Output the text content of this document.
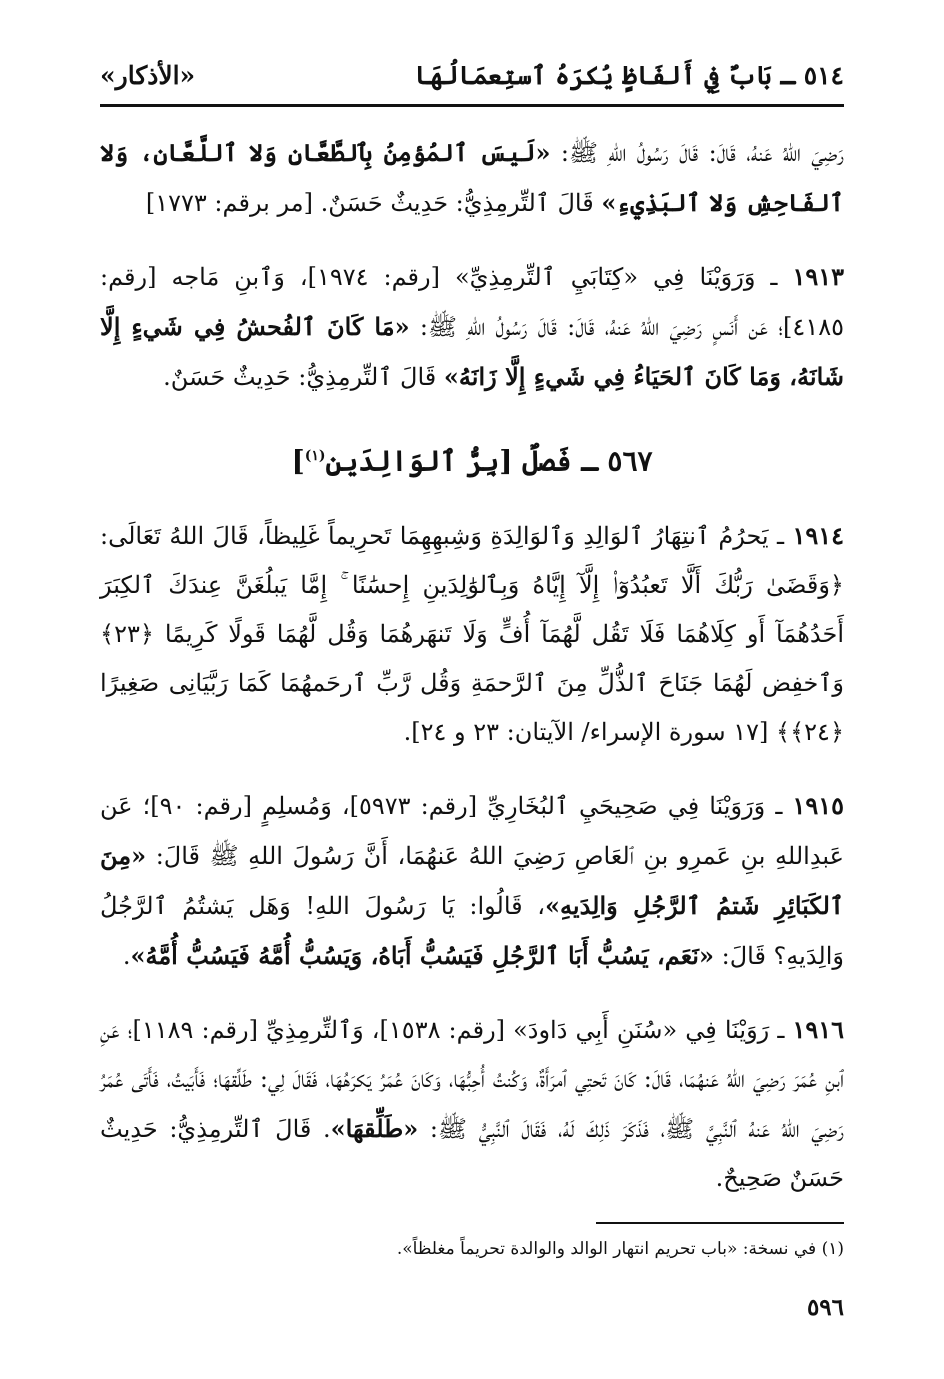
٥١٤ ـ بَابٌ فِي أَلفَاظٍ يُكرَهُ ٱستِعمَالُهَا
«الأذكار»

رَضِيَ اللهُ عَنهُ، قَالَ: قَالَ رَسُولُ اللهِ ﷺ: «لَيسَ ٱلمُؤمِنُ بِٱلطَّعَّانِ وَلا ٱللَّعَّانِ، وَلا ٱلفَاحِشِ وَلا ٱلبَذِيءِ» قَالَ ٱلتِّرمِذِيُّ: حَدِيثٌ حَسَنٌ. [مر برقم: ١٧٧٣]

١٩١٣ ـ وَرَوَيْنَا فِي «كِتَابَيِ ٱلتِّرمِذِيِّ» [رقم: ١٩٧٤]، وَٱبنِ مَاجه [رقم: ٤١٨٥]؛ عَن أَنَسٍ رَضِيَ اللهُ عَنهُ، قَالَ: قَالَ رَسُولُ اللهِ ﷺ: «مَا كَانَ ٱلفُحشُ فِي شَيءٍ إِلَّا شَانَهُ، وَمَا كَانَ ٱلحَيَاءُ فِي شَيءٍ إِلَّا زَانَهُ» قَالَ ٱلتِّرمِذِيُّ: حَدِيثٌ حَسَنٌ.

٥٦٧ ـ فَصلٌ [بِرُّ ٱلوَالِدَينِ$^{(١)}$]

١٩١٤ ـ يَحرُمُ ٱنتِهَارُ ٱلوَالِدِ وَٱلوَالِدَةِ وَشِبهِهِمَا تَحرِيماً غَلِيظاً، قَالَ اللهُ تَعَالَى: ﴿وَقَضَىٰ رَبُّكَ أَلَّا تَعبُدُوٓا۟ إِلَّآ إِيَّاهُ وَبِٱلوَٰلِدَينِ إِحسَٰنًا ۚ إِمَّا يَبلُغَنَّ عِندَكَ ٱلكِبَرَ أَحَدُهُمَآ أَو كِلَاهُمَا فَلَا تَقُل لَّهُمَآ أُفٍّ وَلَا تَنهَرهُمَا وَقُل لَّهُمَا قَولًا كَرِيمًا ﴿٢٣﴾ وَٱخفِض لَهُمَا جَنَاحَ ٱلذُّلِّ مِنَ ٱلرَّحمَةِ وَقُل رَّبِّ ٱرحَمهُمَا كَمَا رَبَّيَانِى صَغِيرًا ﴿٢٤﴾﴾ [١٧ سورة الإسراء/ الآيتان: ٢٣ و ٢٤].

١٩١٥ ـ وَرَوَيْنَا فِي صَحِيحَيِ ٱلبُخَارِيِّ [رقم: ٥٩٧٣]، وَمُسلِمٍ [رقم: ٩٠]؛ عَن عَبدِاللهِ بنِ عَمرِو بنِ ٱلعَاصِ رَضِيَ اللهُ عَنهُمَا، أَنَّ رَسُولَ اللهِ ﷺ قَالَ: «مِنَ ٱلكَبَائِرِ شَتمُ ٱلرَّجُلِ وَالِدَيهِ»، قَالُوا: يَا رَسُولَ اللهِ! وَهَل يَشتُمُ ٱلرَّجُلُ وَالِدَيهِ؟ قَالَ: «نَعَم، يَسُبُّ أَبَا ٱلرَّجُلِ فَيَسُبُّ أَبَاهُ، وَيَسُبُّ أُمَّهُ فَيَسُبُّ أُمَّهُ».

١٩١٦ ـ رَوَيْنَا فِي «سُنَنِ أَبِي دَاودَ» [رقم: ١٥٣٨]، وَٱلتِّرمِذِيِّ [رقم: ١١٨٩]؛ عَنِ ٱبنِ عُمَرَ رَضِيَ اللهُ عَنهُمَا، قَالَ: كَانَ تَحتِي ٱمرَأَةٌ، وَكُنتُ أُحِبُّهَا، وَكَانَ عُمَرُ يَكرَهُهَا، فَقَالَ لِي: طَلِّقهَا؛ فَأَبَيتُ، فَأَتَى عُمَرُ رَضِيَ اللهُ عَنهُ ٱلنَّبِيَّ ﷺ، فَذَكَرَ ذَلِكَ لَهُ، فَقَالَ ٱلنَّبِيُّ ﷺ: «طَلِّقهَا». قَالَ ٱلتِّرمِذِيُّ: حَدِيثٌ حَسَنٌ صَحِيحٌ.

(١) في نسخة: «باب تحريم انتهار الوالد والوالدة تحريماً مغلظاً».
٥٩٦
